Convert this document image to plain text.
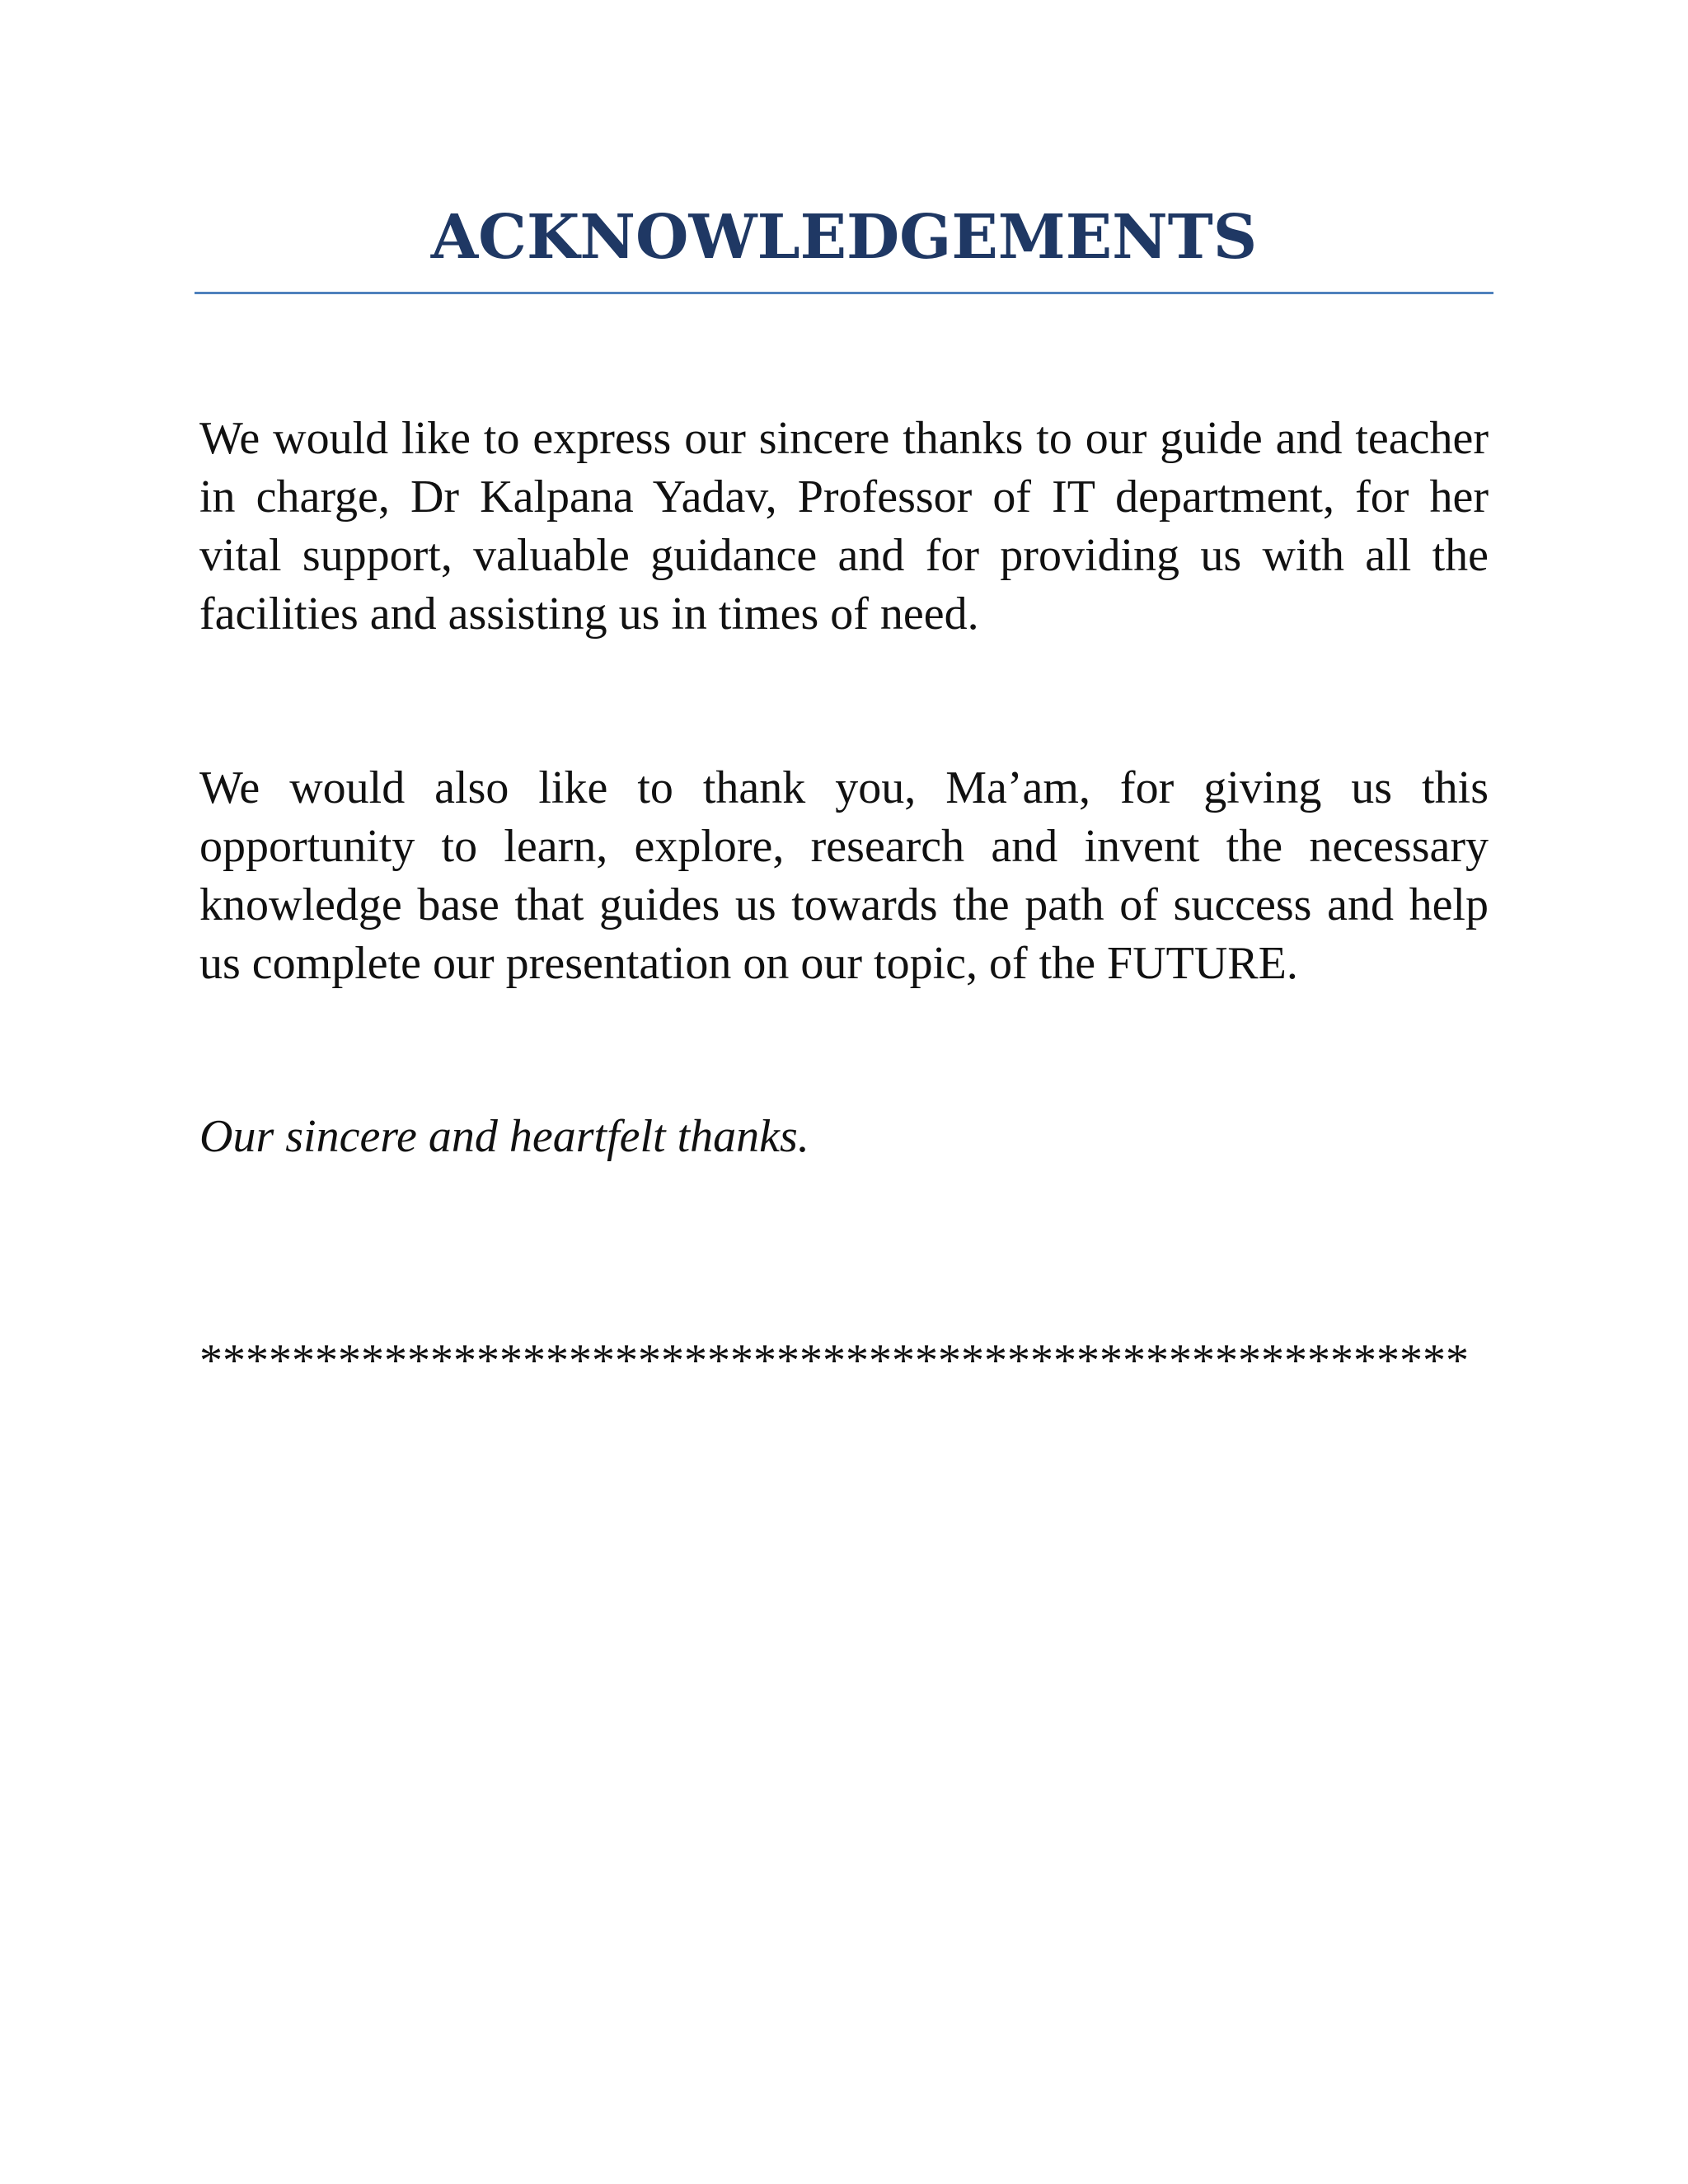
ACKNOWLEDGEMENTS

We would like to express our sincere thanks to our guide and teacher in charge, Dr Kalpana Yadav, Professor of IT department, for her vital support, valuable guidance and for providing us with all the facilities and assisting us in times of need.

We would also like to thank you, Ma’am, for giving us this opportunity to learn, explore, research and invent the necessary knowledge base that guides us towards the path of success and help us complete our presentation on our topic, of the FUTURE.

Our sincere and heartfelt thanks.

*******************************************************
